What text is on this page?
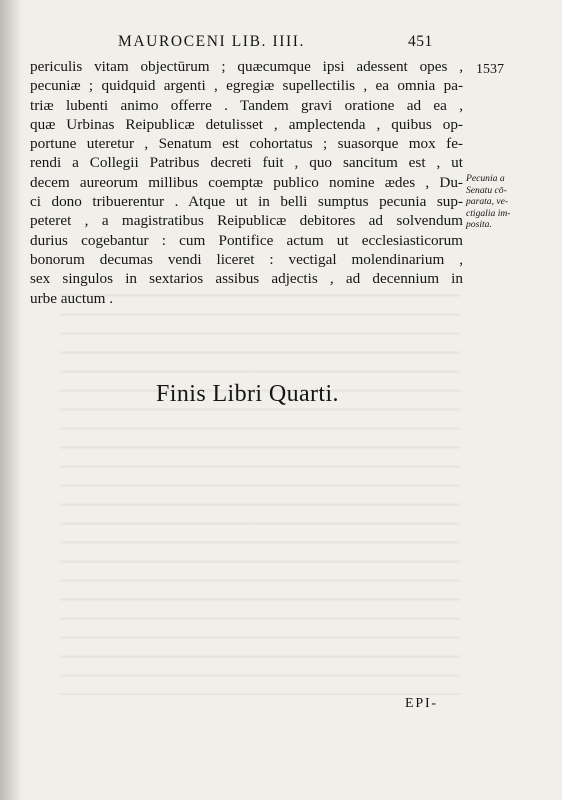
MAUROCENI LIB. IIII.	451
1537
periculis vitam objectūrum ; quæcumque ipsi adessent opes ,
pecuniæ ; quidquid argenti , egregiæ supellectilis , ea omnia pa-
triæ lubenti animo offerre . Tandem gravi oratione ad ea ,
quæ Urbinas Reipublicæ detulisset , amplectenda , quibus op-
portune uteretur , Senatum est cohortatus ; suasorque mox fe-
rendi a Collegii Patribus decreti fuit , quo sancitum est , ut
decem aureorum millibus coemptæ publico nomine ædes , Du-
ci dono tribuerentur . Atque ut in belli sumptus pecunia sup-
peteret , a magistratibus Reipublicæ debitores ad solvendum
durius cogebantur : cum Pontifice actum ut ecclesiasticorum
bonorum decumas vendi liceret : vectigal molendinarium ,
sex singulos in sextarios assibus adjectis , ad decennium in
urbe auctum .
Pecunia a
Senatu cō-
parata, ve-
ctigalia im-
posita.
Finis Libri Quarti.
EPI-
